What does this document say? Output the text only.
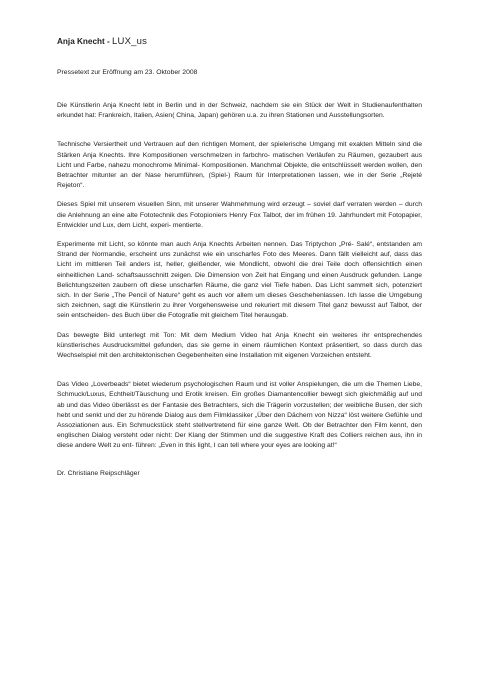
Anja Knecht - LUX_us
Pressetext zur Eröffnung am 23. Oktober 2008

Die Künstlerin Anja Knecht lebt in Berlin und in der Schweiz, nachdem sie ein Stück der Welt in Studienaufenthalten erkundet hat: Frankreich, Italien, Asien( China, Japan) gehören u.a. zu ihren Stationen und Ausstellungsorten.

Technische Versiertheit und Vertrauen auf den richtigen Moment, der spielerische Umgang mit exakten Mitteln sind die Stärken Anja Knechts. Ihre Kompositionen verschmelzen in farbchro- matischen Verläufen zu Räumen, gezaubert aus Licht und Farbe, nahezu monochrome Minimal- Kompositionen. Manchmal Objekte, die entschlüsselt werden wollen, den Betrachter mitunter an der Nase herumführen, (Spiel-) Raum für Interpretationen lassen, wie in der Serie „Rejeté Rejeton“.

Dieses Spiel mit unserem visuellen Sinn, mit unserer Wahrnehmung wird erzeugt – soviel darf verraten werden – durch die Anlehnung an eine alte Fototechnik des Fotopioniers Henry Fox Talbot, der im frühen 19. Jahrhundert mit Fotopapier, Entwickler und Lux, dem Licht, experi- mentierte.

Experimente mit Licht, so könnte man auch Anja Knechts Arbeiten nennen. Das Triptychon „Pré- Salé“, entstanden am Strand der Normandie, erscheint uns zunächst wie ein unscharfes Foto des Meeres. Dann fällt vielleicht auf, dass das Licht im mittleren Teil anders ist, heller, gleißender, wie Mondlicht, obwohl die drei Teile doch offensichtlich einen einheitlichen Land- schaftsausschnitt zeigen. Die Dimension von Zeit hat Eingang und einen Ausdruck gefunden. Lange Belichtungszeiten zaubern oft diese unscharfen Räume, die ganz viel Tiefe haben. Das Licht sammelt sich, potenziert sich. In der Serie „The Pencil of Nature“ geht es auch vor allem um dieses Geschehenlassen. Ich lasse die Umgebung sich zeichnen, sagt die Künstlerin zu ihrer Vorgehensweise und rekuriert mit diesem Titel ganz bewusst auf Talbot, der sein entscheiden- des Buch über die Fotografie mit gleichem Titel herausgab.

Das bewegte Bild unterlegt mit Ton: Mit dem Medium Video hat Anja Knecht ein weiteres ihr entsprechendes künstlerisches Ausdrucksmittel gefunden, das sie gerne in einem räumlichen Kontext präsentiert, so dass durch das Wechselspiel mit den architektonischen Gegebenheiten eine Installation mit eigenen Vorzeichen entsteht.

Das Video „Loverbeads“ bietet wiederum psychologischen Raum und ist voller Anspielungen, die um die Themen Liebe, Schmuck/Luxus, Echtheit/Täuschung und Erotik kreisen. Ein großes Diamantencollier bewegt sich gleichmäßig auf und ab und das Video überlässt es der Fantasie des Betrachters, sich die Trägerin vorzustellen; der weibliche Busen, der sich hebt und senkt und der zu hörende Dialog aus dem Filmklassiker „Über den Dächern von Nizza“ löst weitere Gefühle und Assoziationen aus. Ein Schmuckstück steht stellvertretend für eine ganze Welt. Ob der Betrachter den Film kennt, den englischen Dialog versteht oder nicht: Der Klang der Stimmen und die suggestive Kraft des Colliers reichen aus, ihn in diese andere Welt zu ent- führen: „Even in this light, I can tell where your eyes are looking at!“

Dr. Christiane Reipschläger
